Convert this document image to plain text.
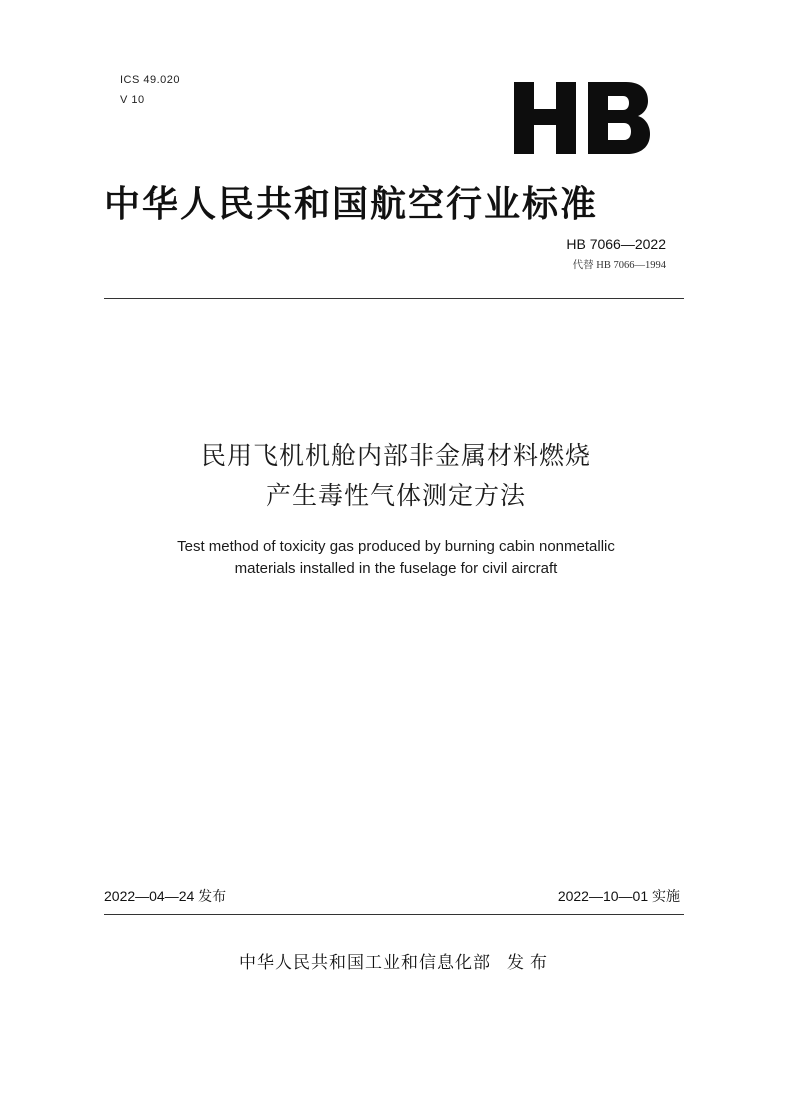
ICS 49.020
V 10
中华人民共和国航空行业标准
HB 7066—2022
代替 HB 7066—1994
民用飞机机舱内部非金属材料燃烧
产生毒性气体测定方法
Test method of toxicity gas produced by burning cabin nonmetallic
materials installed in the fuselage for civil aircraft
2022—04—24 发布	2022—10—01 实施
中华人民共和国工业和信息化部 发布
